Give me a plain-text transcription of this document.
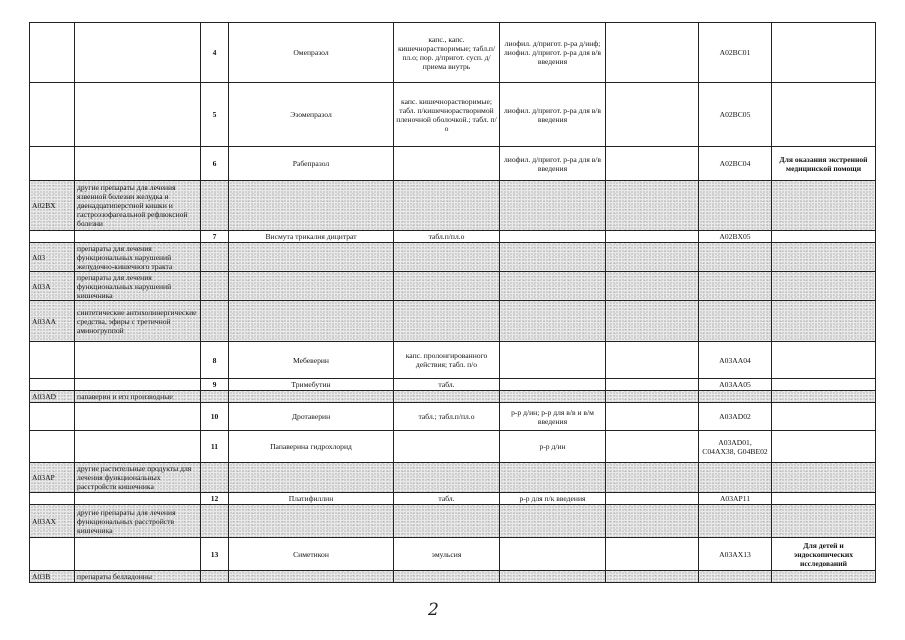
		4	Омепразол	капс., капс. кишечнорастворимые; табл.п/пл.о; пор. д/пригот. сусп. д/приема внутрь	лиофил. д/пригот. р-ра д/инф; лиофил. д/пригот. р-ра для в/в введения		A02BC01	
		5	Эзомепразол	капс. кишечнорастворимые; табл. п/кишечнорастворимой пленочной оболочкой.; табл. п/о	лиофил. д/пригот. р-ра для в/в введения		A02BC05	
		6	Рабепразол		лиофил. д/пригот. р-ра для в/в введения		A02BC04	Для оказания экстренной медицинской помощи
A02BX	другие препараты для лечения язвенной болезни желудка и двенадцатиперстной кишки и гастроэзофагеальной рефлюксной болезни							
		7	Висмута трикалия дицитрат	табл.п/пл.о			A02BX05	
A03	препараты для лечения функциональных нарушений желудочно-кишечного тракта							
A03A	препараты для лечения функциональных нарушений кишечника							
A03AA	синтетические антихолинергические средства, эфиры с третичной аминогруппой							
		8	Мебеверин	капс. пролонгированного действия; табл. п/о			A03AA04	
		9	Тримебутин	табл.			A03AA05	
A03AD	папаверин и его производные							
		10	Дротаверин	табл.; табл.п/пл.о	р-р д/ин; р-р для в/в и в/м введения		A03AD02	
		11	Папаверина гидрохлорид		р-р д/ин		A03AD01, C04AX38, G04BE02	
A03AP	другие растительные продукты для лечения функциональных расстройств кишечника							
		12	Платифиллин	табл.	р-р для п/к введения		A03AP11	
A03AX	другие препараты для лечения функциональных расстройств кишечника							
		13	Симетикон	эмульсия			A03AX13	Для детей и эндоскопических исследований
A03B	препараты белладонны							
2
